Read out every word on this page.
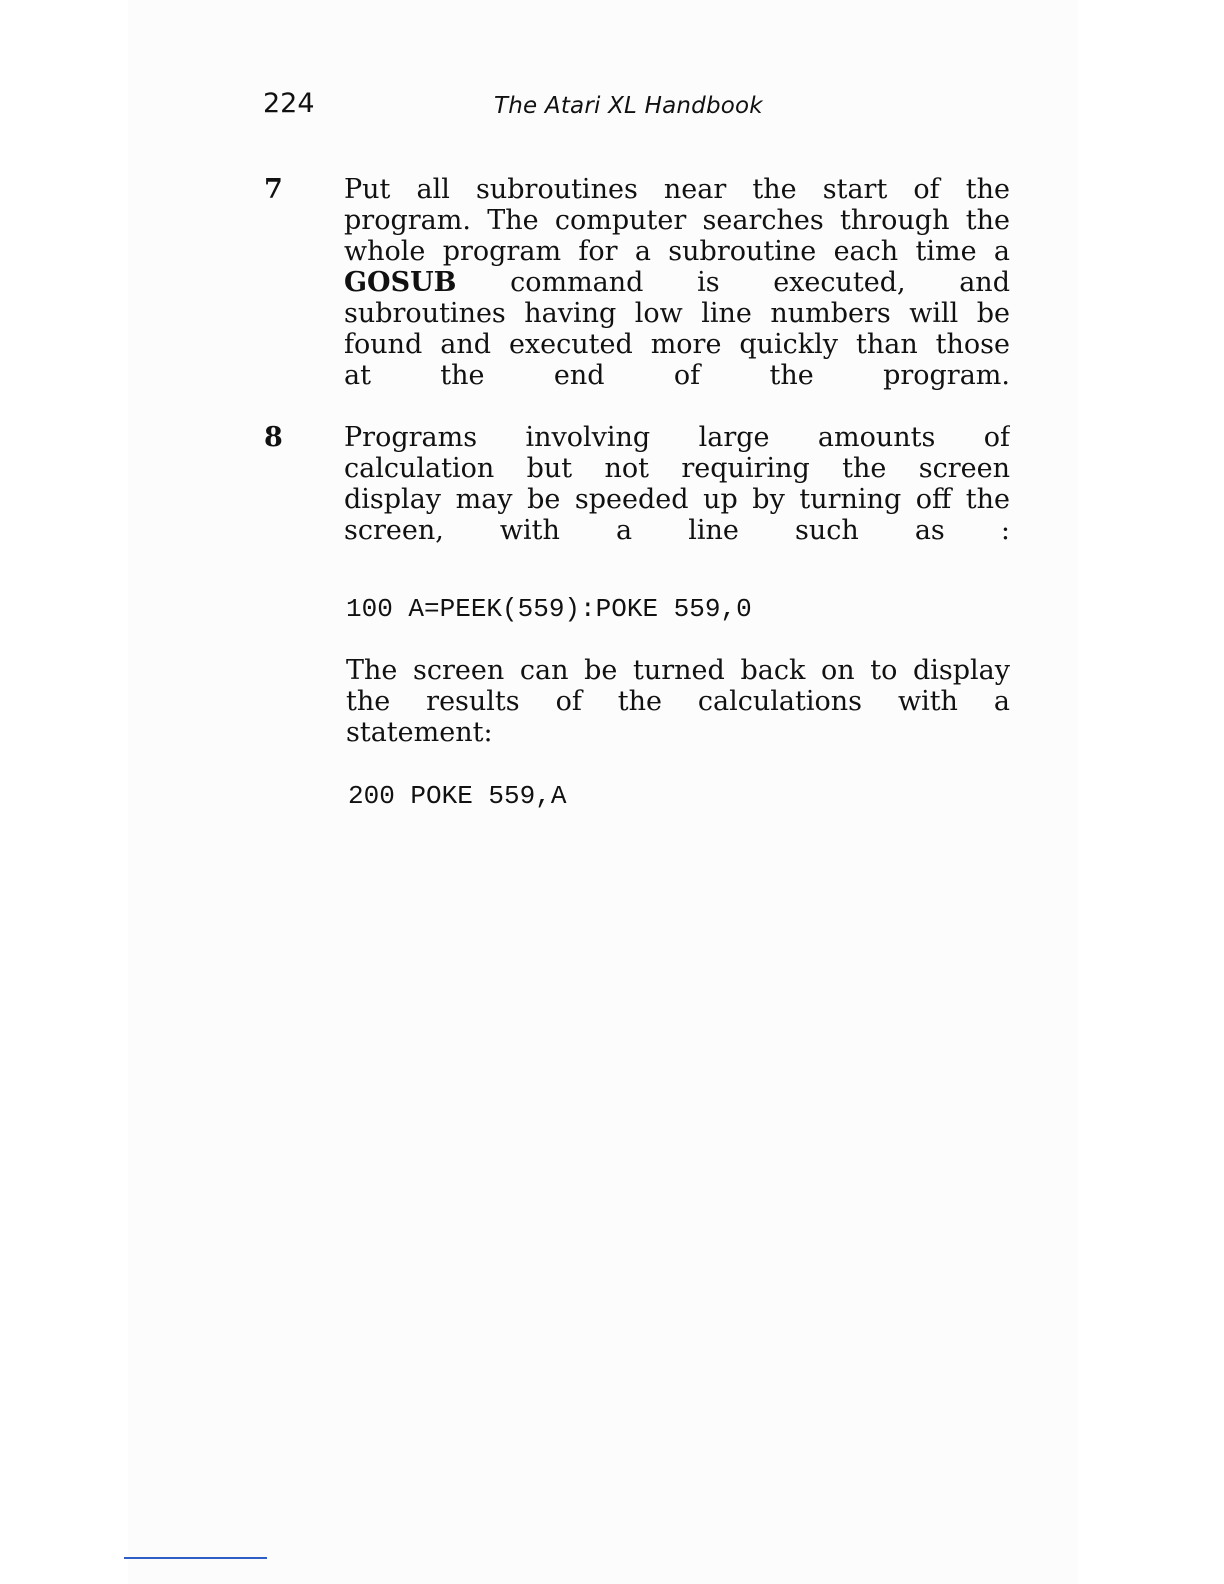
224	The Atari XL Handbook
7 Put all subroutines near the start of the
program. The computer searches through the
whole program for a subroutine each time a
GOSUB command is executed, and
subroutines having low line numbers will be
found and executed more quickly than those
at the end of the program.
8 Programs involving large amounts of
calculation but not requiring the screen
display may be speeded up by turning off the
screen, with a line such as :
100 A=PEEK(559):POKE 559,0
The screen can be turned back on to display
the results of the calculations with a
statement:
200 POKE 559,A
